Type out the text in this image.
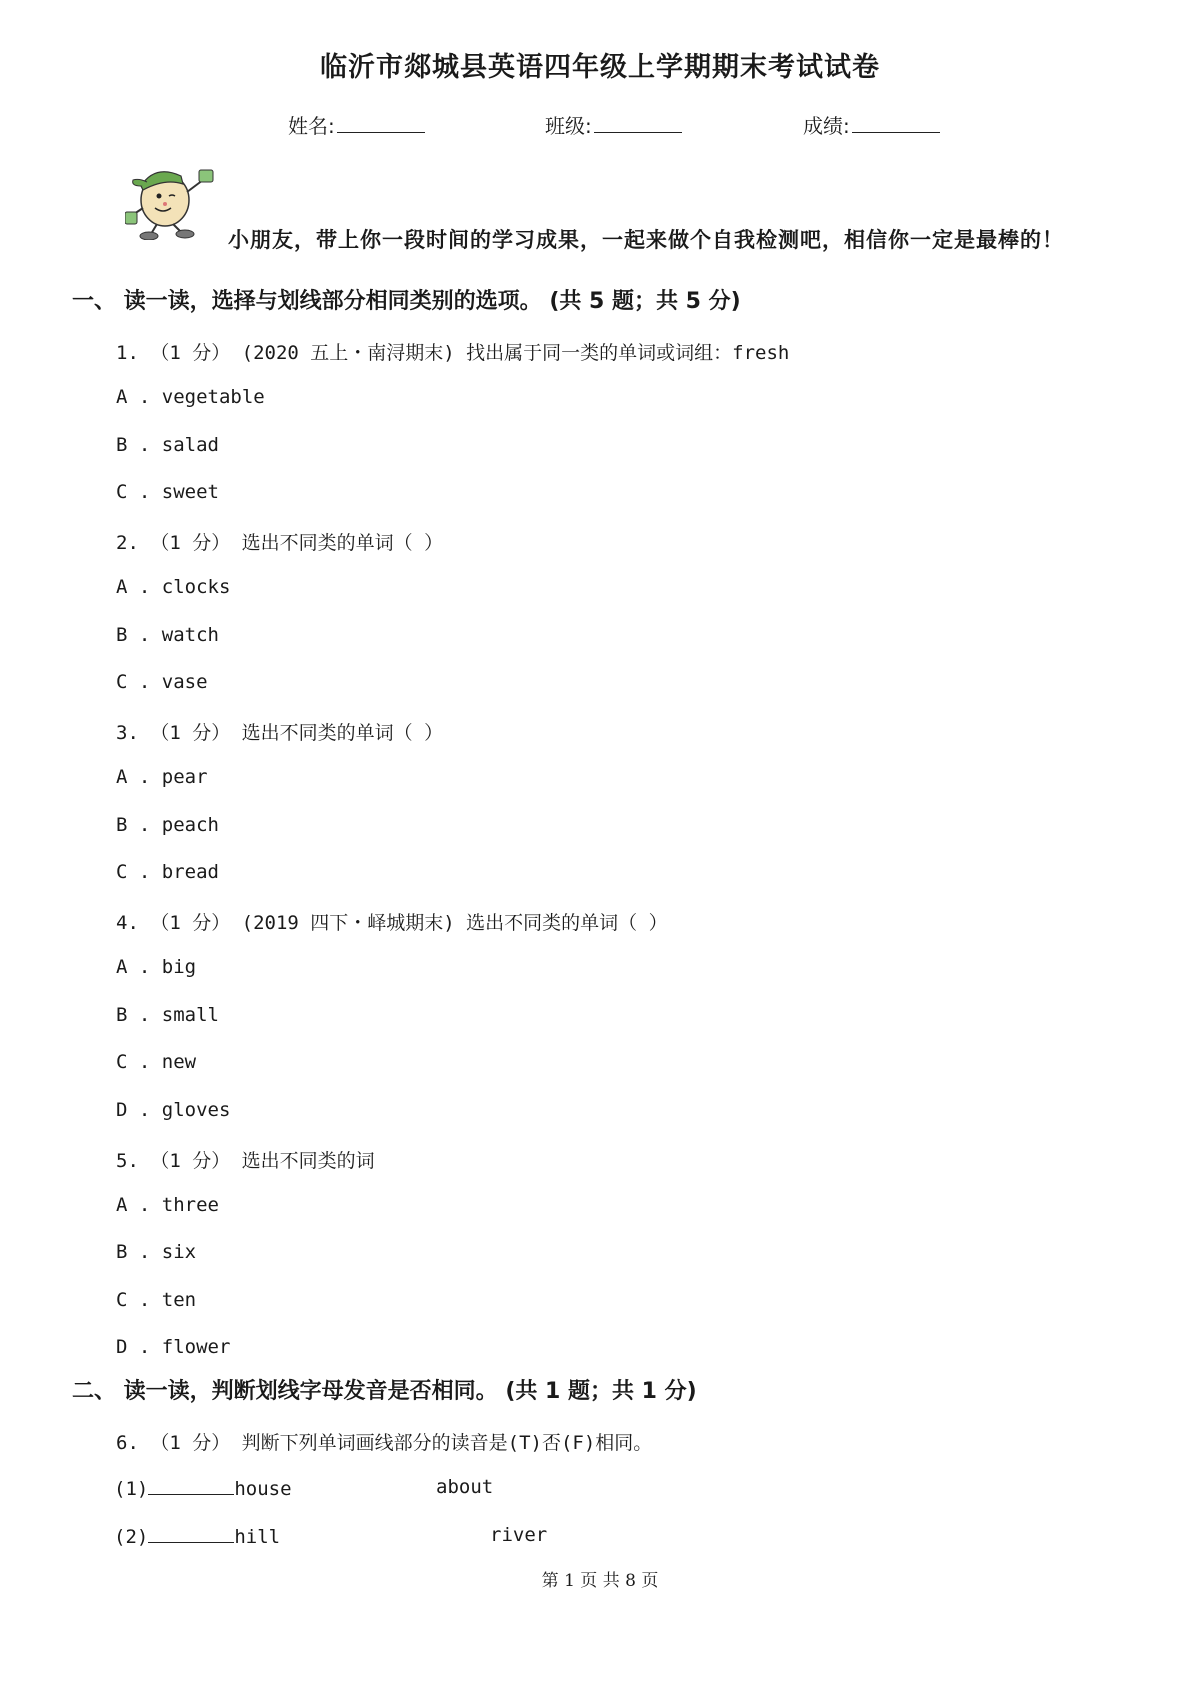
临沂市郯城县英语四年级上学期期末考试试卷
姓名:	班级:	成绩:
小朋友，带上你一段时间的学习成果，一起来做个自我检测吧，相信你一定是最棒的！
一、 读一读，选择与划线部分相同类别的选项。 (共 5 题；共 5 分)
1. （1 分） (2020 五上・南浔期末) 找出属于同一类的单词或词组：fresh
A . vegetable
B . salad
C . sweet
2. （1 分） 选出不同类的单词（ ）
A . clocks
B . watch
C . vase
3. （1 分） 选出不同类的单词（ ）
A . pear
B . peach
C . bread
4. （1 分） (2019 四下・峄城期末) 选出不同类的单词（ ）
A . big
B . small
C . new
D . gloves
5. （1 分） 选出不同类的词
A . three
B . six
C . ten
D . flower
二、 读一读，判断划线字母发音是否相同。 (共 1 题；共 1 分)
6. （1 分） 判断下列单词画线部分的读音是(T)否(F)相同。
(1)	house	about
(2)	hill	river
第 1 页 共 8 页
